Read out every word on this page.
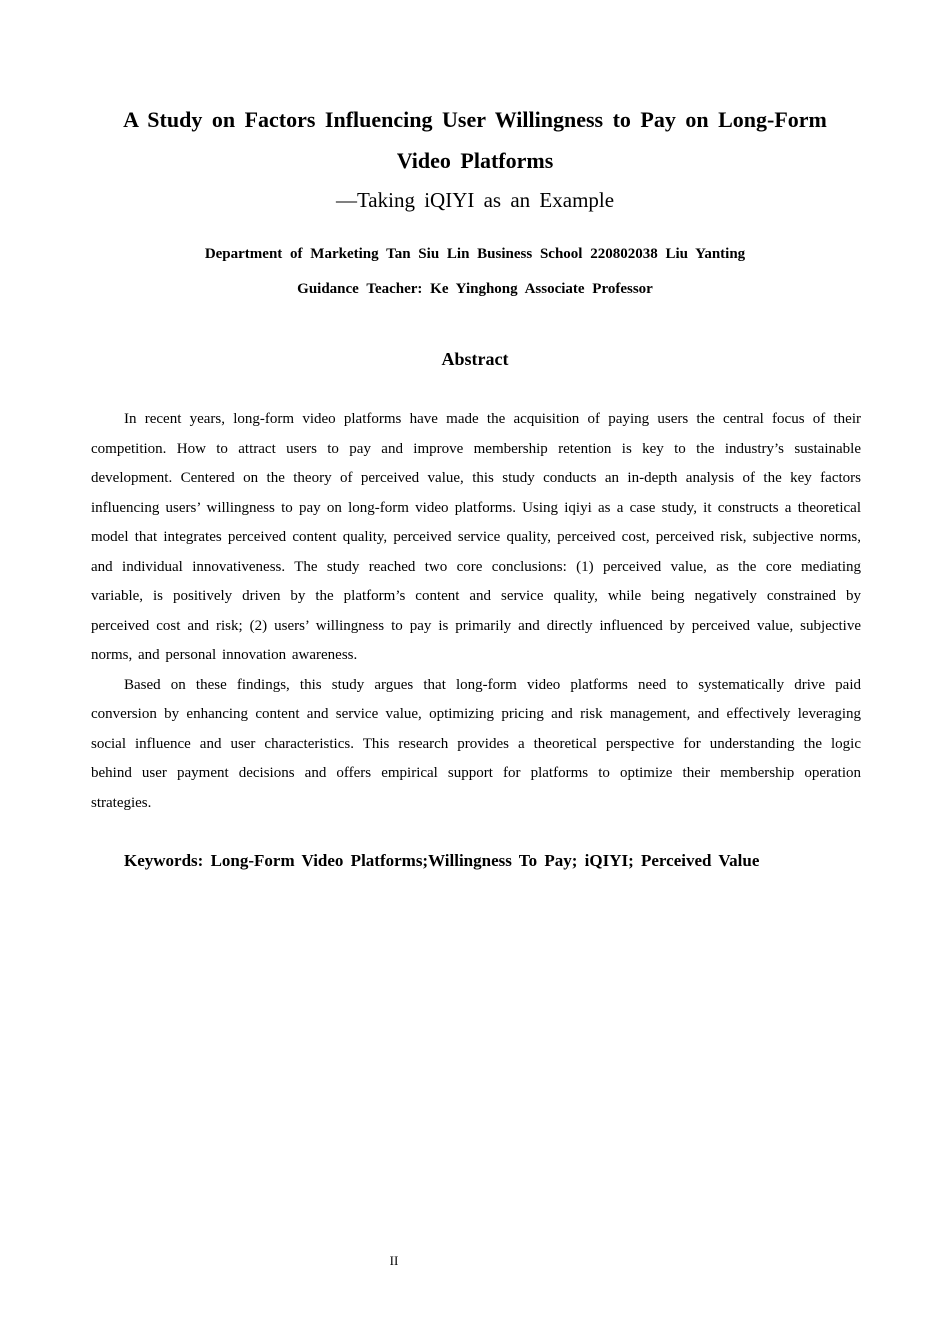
A Study on Factors Influencing User Willingness to Pay on Long-Form Video Platforms
—Taking iQIYI as an Example
Department of Marketing Tan Siu Lin Business School 220802038 Liu Yanting
Guidance Teacher: Ke Yinghong Associate Professor
Abstract

In recent years, long-form video platforms have made the acquisition of paying users the central focus of their competition. How to attract users to pay and improve membership retention is key to the industry’s sustainable development. Centered on the theory of perceived value, this study conducts an in-depth analysis of the key factors influencing users’ willingness to pay on long-form video platforms. Using iqiyi as a case study, it constructs a theoretical model that integrates perceived content quality, perceived service quality, perceived cost, perceived risk, subjective norms, and individual innovativeness. The study reached two core conclusions: (1) perceived value, as the core mediating variable, is positively driven by the platform’s content and service quality, while being negatively constrained by perceived cost and risk; (2) users’ willingness to pay is primarily and directly influenced by perceived value, subjective norms, and personal innovation awareness.

Based on these findings, this study argues that long-form video platforms need to systematically drive paid conversion by enhancing content and service value, optimizing pricing and risk management, and effectively leveraging social influence and user characteristics. This research provides a theoretical perspective for understanding the logic behind user payment decisions and offers empirical support for platforms to optimize their membership operation strategies.

Keywords: Long-Form Video Platforms;Willingness To Pay; iQIYI; Perceived Value
II
